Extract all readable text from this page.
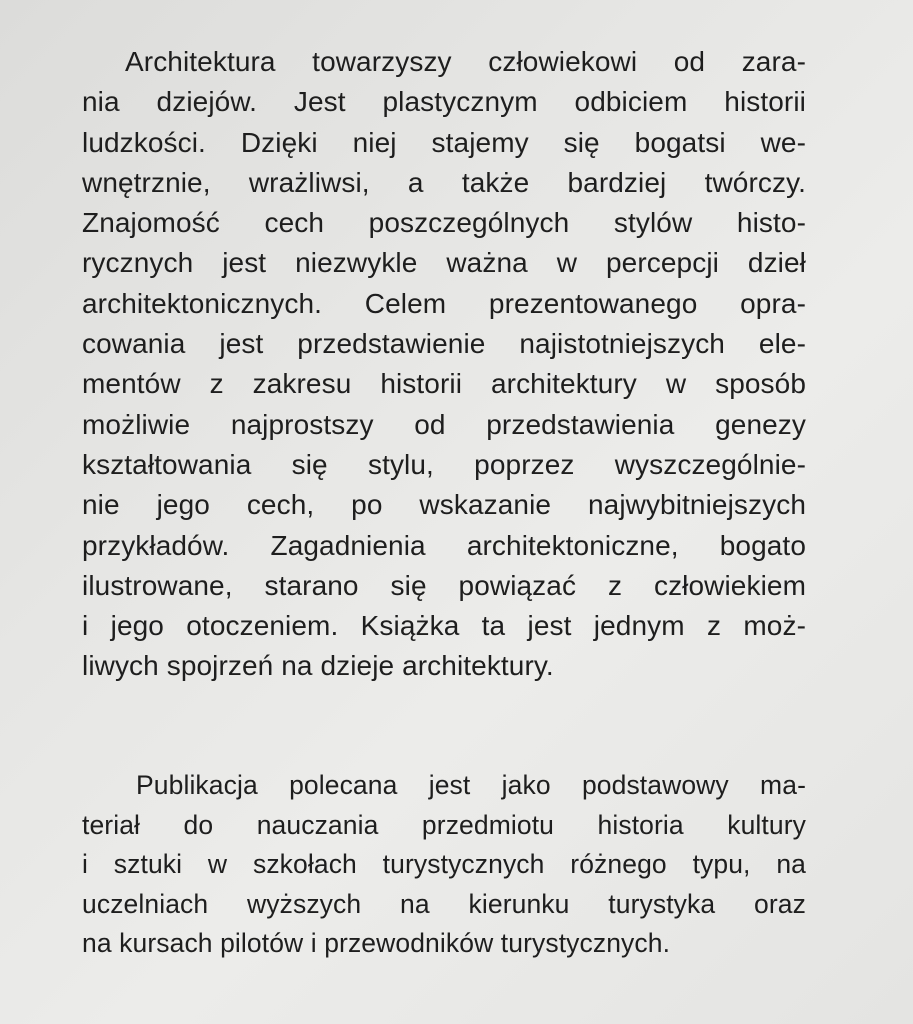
Architektura towarzyszy człowiekowi od zara-
nia dziejów. Jest plastycznym odbiciem historii
ludzkości. Dzięki niej stajemy się bogatsi we-
wnętrznie, wrażliwsi, a także bardziej twórczy.
Znajomość cech poszczególnych stylów histo-
rycznych jest niezwykle ważna w percepcji dzieł
architektonicznych. Celem prezentowanego opra-
cowania jest przedstawienie najistotniejszych ele-
mentów z zakresu historii architektury w sposób
możliwie najprostszy od przedstawienia genezy
kształtowania się stylu, poprzez wyszczególnie-
nie jego cech, po wskazanie najwybitniejszych
przykładów. Zagadnienia architektoniczne, bogato
ilustrowane, starano się powiązać z człowiekiem
i jego otoczeniem. Książka ta jest jednym z moż-
liwych spojrzeń na dzieje architektury.

Publikacja polecana jest jako podstawowy ma-
teriał do nauczania przedmiotu historia kultury
i sztuki w szkołach turystycznych różnego typu, na
uczelniach wyższych na kierunku turystyka oraz
na kursach pilotów i przewodników turystycznych.
